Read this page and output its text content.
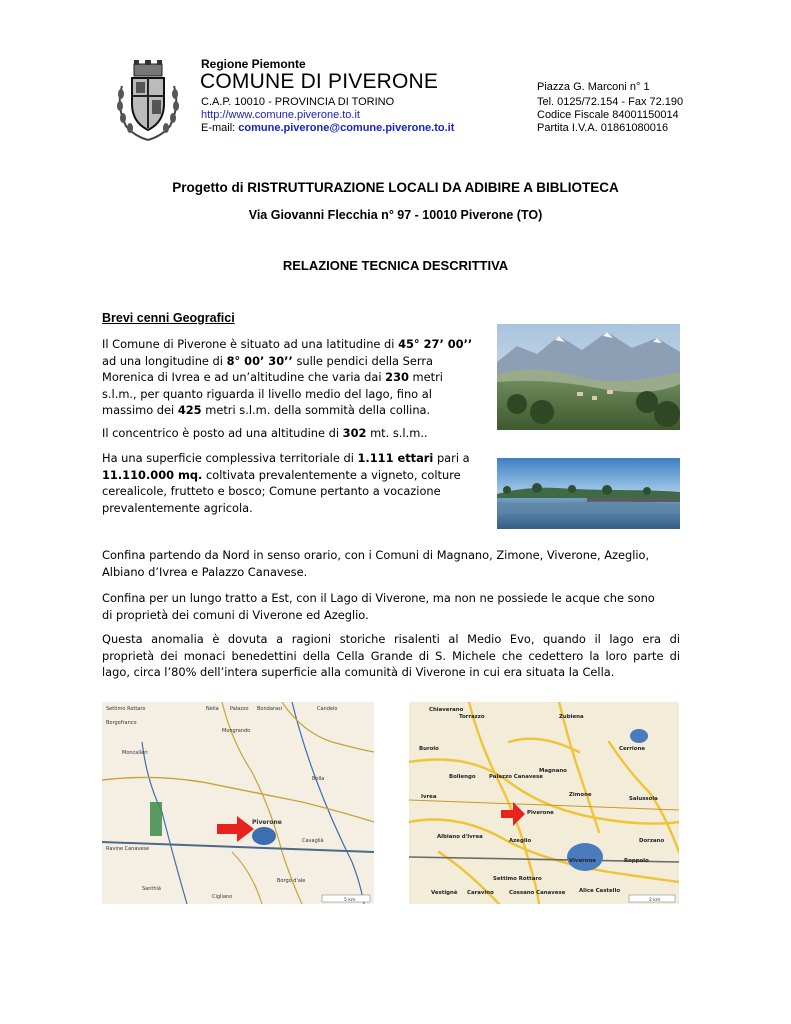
Regione Piemonte
COMUNE DI PIVERONE
C.A.P. 10010 - PROVINCIA DI TORINO
http://www.comune.piverone.to.it
E-mail: comune.piverone@comune.piverone.to.it
Piazza G. Marconi n° 1
Tel. 0125/72.154 - Fax 72.190
Codice Fiscale 84001150014
Partita I.V.A. 01861080016
Progetto di RISTRUTTURAZIONE LOCALI DA ADIBIRE A BIBLIOTECA
Via Giovanni Flecchia n° 97 - 10010 Piverone (TO)
RELAZIONE TECNICA DESCRITTIVA
Brevi cenni Geografici
Il Comune di Piverone è situato ad una latitudine di 45° 27’ 00’’
ad una longitudine di 8° 00’ 30’’ sulle pendici della Serra
Morenica di Ivrea e ad un’altitudine che varia dai 230 metri
s.l.m., per quanto riguarda il livello medio del lago, fino al
massimo dei 425 metri s.l.m. della sommità della collina.
Il concentrico è posto ad una altitudine di 302 mt. s.l.m..
Ha una superficie complessiva territoriale di 1.111 ettari pari a
11.110.000 mq. coltivata prevalentemente a vigneto, colture
cerealicole, frutteto e bosco; Comune pertanto a vocazione
prevalentemente agricola.
Confina partendo da Nord in senso orario, con i Comuni di Magnano, Zimone, Viverone, Azeglio,
Albiano d’Ivrea e Palazzo Canavese.
Confina per un lungo tratto a Est, con il Lago di Viverone, ma non ne possiede le acque che sono
di proprietà dei comuni di Viverone ed Azeglio.
Questa anomalia è dovuta a ragioni storiche risalenti al Medio Evo, quando il lago era di
proprietà dei monaci benedettini della Cella Grande di S. Michele che cedettero la loro parte di
lago, circa l’80% dell’intera superficie alla comunità di Viverone in cui era situata la Cella.
Settimo Rottaro	Nelia Palazzo Bondarasi	Candelo
Borgofranco
Mongrando
Moncalieri
Bolla
Piverone
Cavaglià
Ravine Canavese
Santhià
Borgo d'ale
Cigliano
5 km
Chiaverano
Torrazzo	Zubiena
Burolo	Cerrione
Magnano
Bollengo Palazzo Canavese
Ivrea	Zimone
Salussola
Piverone
Albiano d'Ivrea
Azeglio	Dorzano
Viverone	Roppolo
Settimo Rottaro
Vestignè Caravino	Cossano Canavese	Alice Castello
2 km
